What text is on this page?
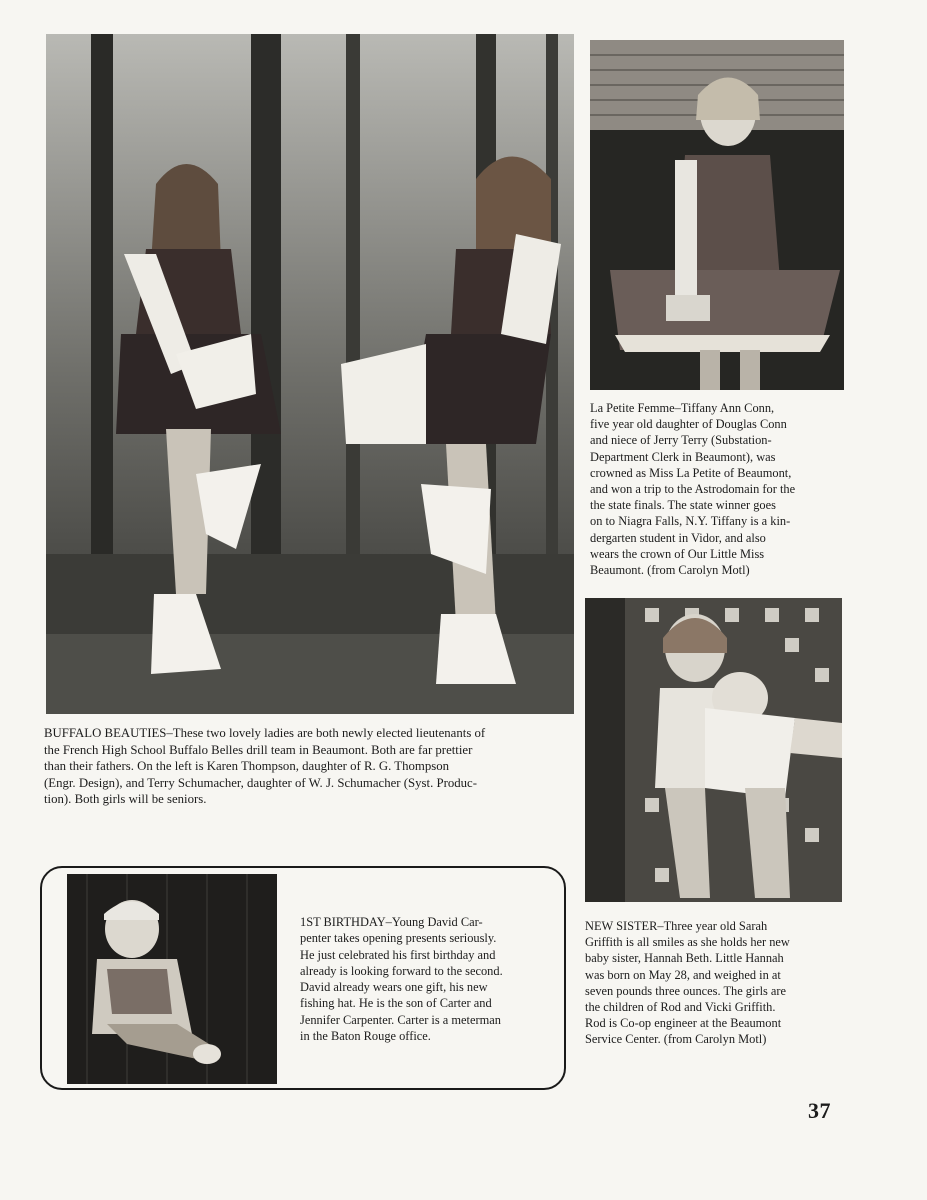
BUFFALO BEAUTIES–These two lovely ladies are both newly elected lieutenants of
the French High School Buffalo Belles drill team in Beaumont. Both are far prettier
than their fathers. On the left is Karen Thompson, daughter of R. G. Thompson
(Engr. Design), and Terry Schumacher, daughter of W. J. Schumacher (Syst. Produc-
tion). Both girls will be seniors.

La Petite Femme–Tiffany Ann Conn,
five year old daughter of Douglas Conn
and niece of Jerry Terry (Substation-
Department Clerk in Beaumont), was
crowned as Miss La Petite of Beaumont,
and won a trip to the Astrodomain for the
the state finals. The state winner goes
on to Niagra Falls, N.Y. Tiffany is a kin-
dergarten student in Vidor, and also
wears the crown of Our Little Miss
Beaumont. (from Carolyn Motl)

NEW SISTER–Three year old Sarah
Griffith is all smiles as she holds her new
baby sister, Hannah Beth. Little Hannah
was born on May 28, and weighed in at
seven pounds three ounces. The girls are
the children of Rod and Vicki Griffith.
Rod is Co-op engineer at the Beaumont
Service Center. (from Carolyn Motl)

1ST BIRTHDAY–Young David Car-
penter takes opening presents seriously.
He just celebrated his first birthday and
already is looking forward to the second.
David already wears one gift, his new
fishing hat. He is the son of Carter and
Jennifer Carpenter. Carter is a meterman
in the Baton Rouge office.

37
